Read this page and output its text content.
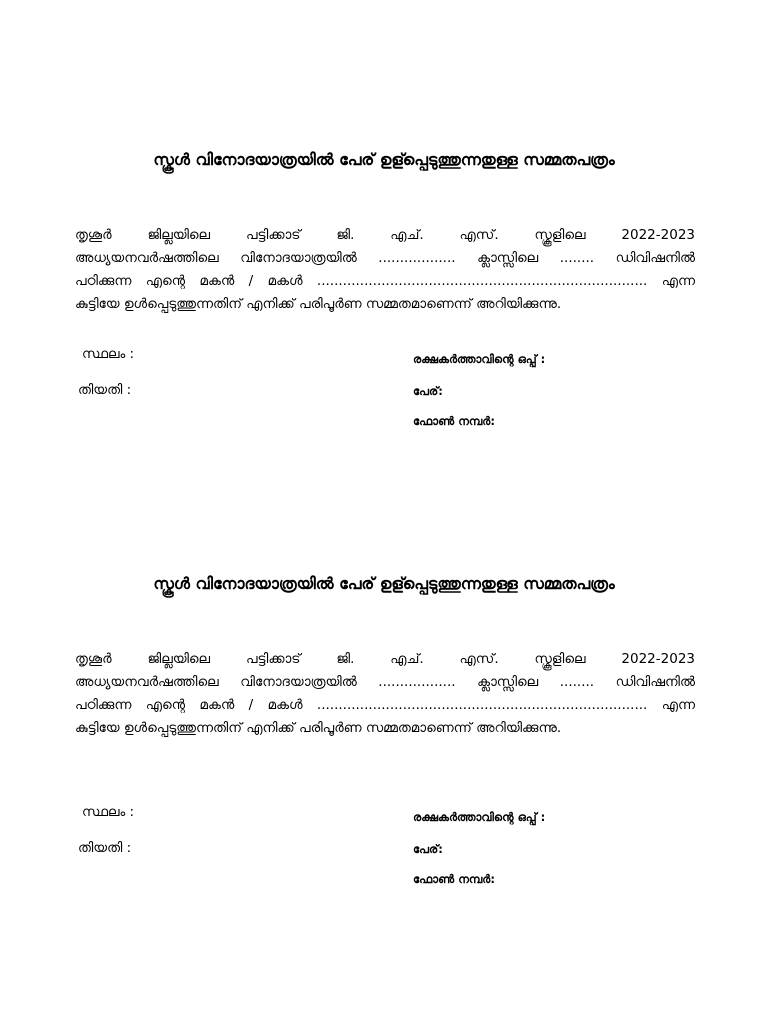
സ്കൂൾ വിനോദയാത്രയിൽ പേര് ഉള്പ്പെടുത്തുന്നതുള്ള സമ്മതപത്രം
തൃശൂർ ജില്ലയിലെ പട്ടിക്കാട് ജി. എച്. എസ്. സ്കൂളിലെ 2022-2023
അധ്യയനവർഷത്തിലെ വിനോദയാത്രയിൽ .................. ക്ലാസ്സിലെ ........ ഡിവിഷനിൽ
പഠിക്കുന്ന എന്റെ മകൻ / മകൾ ............................................................................. എന്ന
കുട്ടിയേ ഉൾപ്പെടുത്തുന്നതിന് എനിക്ക് പരിപൂർണ സമ്മതമാണെന്ന് അറിയിക്കുന്നു.
സ്ഥലം :
തിയതി :
രക്ഷകർത്താവിന്റെ ഒപ്പ് :
പേര്:
ഫോൺ നമ്പർ:
സ്കൂൾ വിനോദയാത്രയിൽ പേര് ഉള്പ്പെടുത്തുന്നതുള്ള സമ്മതപത്രം
തൃശൂർ ജില്ലയിലെ പട്ടിക്കാട് ജി. എച്. എസ്. സ്കൂളിലെ 2022-2023
അധ്യയനവർഷത്തിലെ വിനോദയാത്രയിൽ .................. ക്ലാസ്സിലെ ........ ഡിവിഷനിൽ
പഠിക്കുന്ന എന്റെ മകൻ / മകൾ ............................................................................. എന്ന
കുട്ടിയേ ഉൾപ്പെടുത്തുന്നതിന് എനിക്ക് പരിപൂർണ സമ്മതമാണെന്ന് അറിയിക്കുന്നു.
സ്ഥലം :
തിയതി :
രക്ഷകർത്താവിന്റെ ഒപ്പ് :
പേര്:
ഫോൺ നമ്പർ:
